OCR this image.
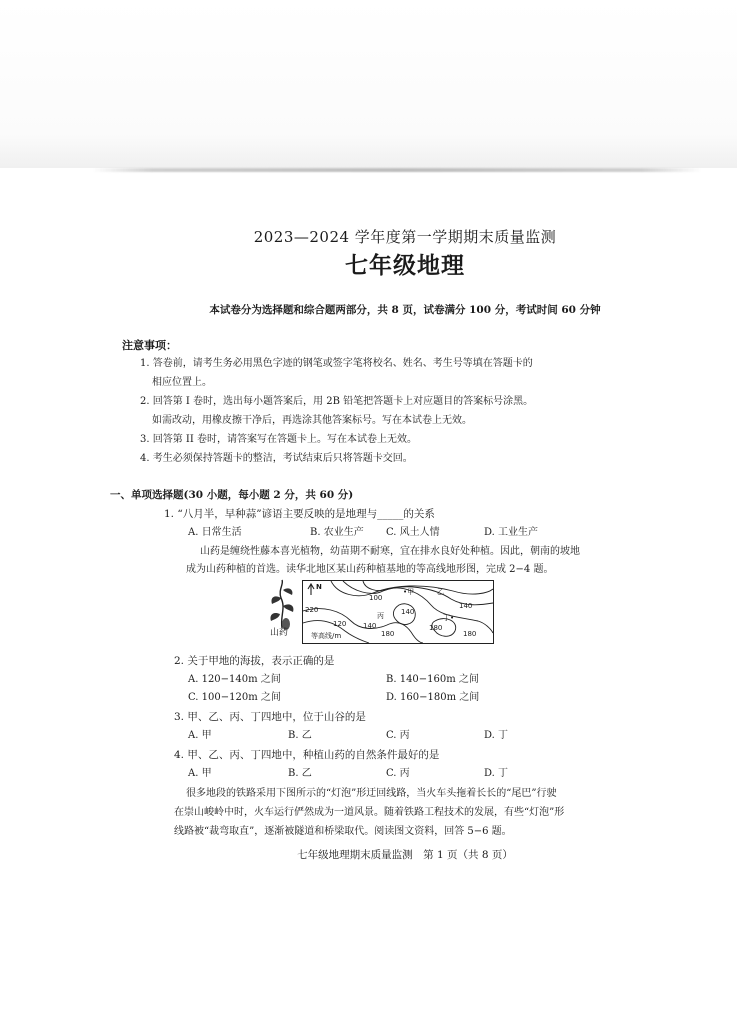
2023—2024 学年度第一学期期末质量监测
七年级地理
本试卷分为选择题和综合题两部分，共 8 页，试卷满分 100 分，考试时间 60 分钟
注意事项：
1. 答卷前，请考生务必用黑色字迹的钢笔或签字笔将校名、姓名、考生号等填在答题卡的
相应位置上。
2. 回答第 I 卷时，选出每小题答案后，用 2B 铅笔把答题卡上对应题目的答案标号涂黑。
如需改动，用橡皮擦干净后，再选涂其他答案标号。写在本试卷上无效。
3. 回答第 II 卷时，请答案写在答题卡上。写在本试卷上无效。
4. 考生必须保持答题卡的整洁，考试结束后只将答题卡交回。
一、单项选择题(30 小题，每小题 2 分，共 60 分)
1. “八月半，早种蒜”谚语主要反映的是地理与_____的关系
A. 日常生活	B. 农业生产 C. 风土人情	D. 工业生产
山药是缠绕性藤本喜光植物，幼苗期不耐寒，宜在排水良好处种植。因此，朝南的坡地
成为山药种植的首选。读华北地区某山药种植基地的等高线地形图，完成 2−4 题。
山药
N
100
140
180
220
120 140
180
140
180
•甲	乙
丙	丁•
等高线/m
2. 关于甲地的海拔，表示正确的是
A. 120−140m 之间	B. 140−160m 之间
C. 100−120m 之间	D. 160−180m 之间
3. 甲、乙、丙、丁四地中，位于山谷的是
A. 甲	B. 乙	C. 丙	D. 丁
4. 甲、乙、丙、丁四地中，种植山药的自然条件最好的是
A. 甲	B. 乙	C. 丙	D. 丁
很多地段的铁路采用下图所示的“灯泡”形迂回线路，当火车头拖着长长的“尾巴”行驶
在崇山峻岭中时，火车运行俨然成为一道风景。随着铁路工程技术的发展，有些“灯泡”形
线路被“裁弯取直”，逐渐被隧道和桥梁取代。阅读图文资料，回答 5−6 题。
七年级地理期末质量监测　第 1 页（共 8 页）
